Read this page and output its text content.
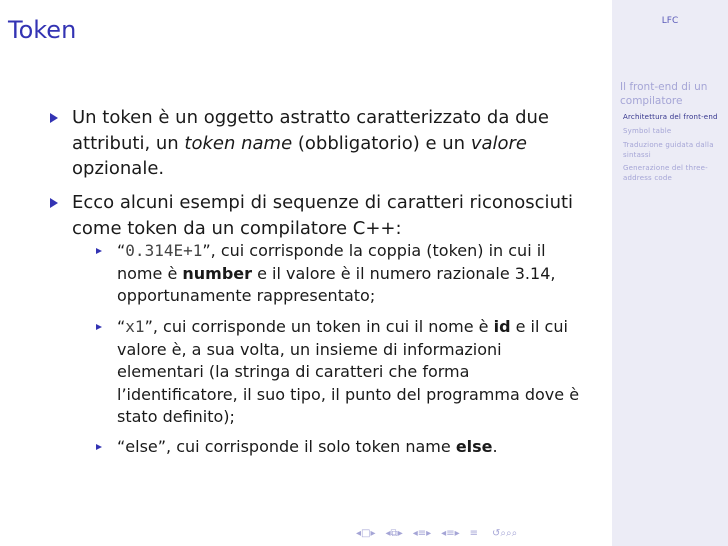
LFC
Il front-end di un compilatore
Architettura del front-end
Symbol table
Traduzione guidata dalla sintassi
Generazione del three-address code
Token
Un token è un oggetto astratto caratterizzato da due attributi, un token name (obbligatorio) e un valore opzionale.
Ecco alcuni esempi di sequenze di caratteri riconosciuti come token da un compilatore C++:
“0.314E+1”, cui corrisponde la coppia (token) in cui il nome è number e il valore è il numero razionale 3.14, opportunamente rappresentato;
“x1”, cui corrisponde un token in cui il nome è id e il cui valore è, a sua volta, un insieme di informazioni elementari (la stringa di caratteri che forma l’identificatore, il suo tipo, il punto del programma dove è stato definito);
“else”, cui corrisponde il solo token name else.
◂ □ ▸ ◂ ⧉ ▸ ◂ ≡ ▸ ◂ ≡ ▸ ≡ ↺ ⌕ ⌕⌕
